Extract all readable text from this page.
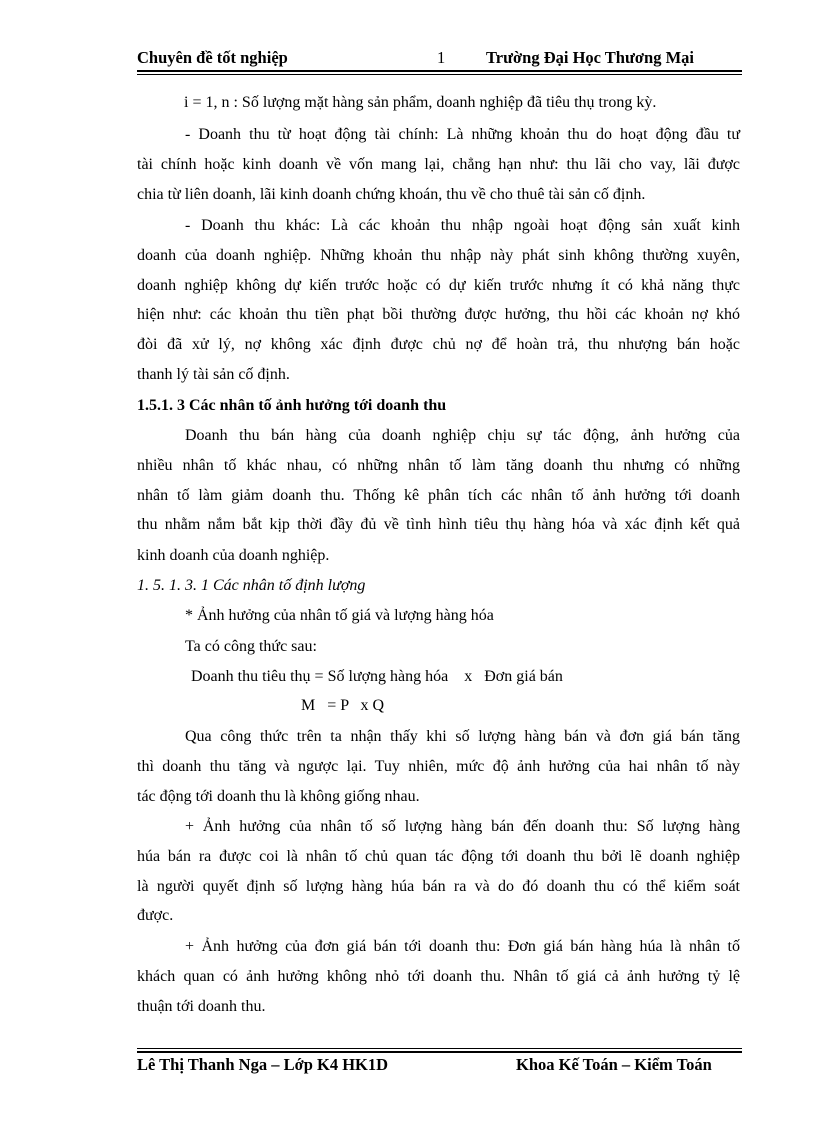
Chuyên đề tốt nghiệp	1 Trường Đại Học Thương Mại
i = 1, n : Số lượng mặt hàng sản phẩm, doanh nghiệp đã tiêu thụ trong kỳ.
- Doanh thu từ hoạt động tài chính: Là những khoản thu do hoạt động đầu tư
tài chính hoặc kinh doanh về vốn mang lại, chẳng hạn như: thu lãi cho vay, lãi được
chia từ liên doanh, lãi kinh doanh chứng khoán, thu về cho thuê tài sản cố định.
- Doanh thu khác: Là các khoản thu nhập ngoài hoạt động sản xuất kinh
doanh của doanh nghiệp. Những khoản thu nhập này phát sinh không thường xuyên,
doanh nghiệp không dự kiến trước hoặc có dự kiến trước nhưng ít có khả năng thực
hiện như: các khoản thu tiền phạt bồi thường được hưởng, thu hồi các khoản nợ khó
đòi đã xử lý, nợ không xác định được chủ nợ để hoàn trả, thu nhượng bán hoặc
thanh lý tài sản cố định.
1.5.1. 3 Các nhân tố ảnh hưởng tới doanh thu
Doanh thu bán hàng của doanh nghiệp chịu sự tác động, ảnh hưởng của
nhiều nhân tố khác nhau, có những nhân tố làm tăng doanh thu nhưng có những
nhân tố làm giảm doanh thu. Thống kê phân tích các nhân tố ảnh hưởng tới doanh
thu nhằm nắm bắt kịp thời đầy đủ về tình hình tiêu thụ hàng hóa và xác định kết quả
kinh doanh của doanh nghiệp.
1. 5. 1. 3. 1 Các nhân tố định lượng
* Ảnh hưởng của nhân tố giá và lượng hàng hóa
Ta có công thức sau:
Doanh thu tiêu thụ = Số lượng hàng hóa    x   Đơn giá bán
M   = P   x Q
Qua công thức trên ta nhận thấy khi số lượng hàng bán và đơn giá bán tăng
thì doanh thu tăng và ngược lại. Tuy nhiên, mức độ ảnh hưởng của hai nhân tố này
tác động tới doanh thu là không giống nhau.
+ Ảnh hưởng của nhân tố số lượng hàng bán đến doanh thu: Số lượng hàng
húa bán ra được coi là nhân tố chủ quan tác động tới doanh thu bởi lẽ doanh nghiệp
là người quyết định số lượng hàng húa bán ra và do đó doanh thu có thể kiểm soát
được.
+ Ảnh hưởng của đơn giá bán tới doanh thu: Đơn giá bán hàng húa là nhân tố
khách quan có ảnh hưởng không nhỏ tới doanh thu. Nhân tố giá cả ảnh hưởng tỷ lệ
thuận tới doanh thu.
Lê Thị Thanh Nga – Lớp K4 HK1D	Khoa Kế Toán – Kiểm Toán
